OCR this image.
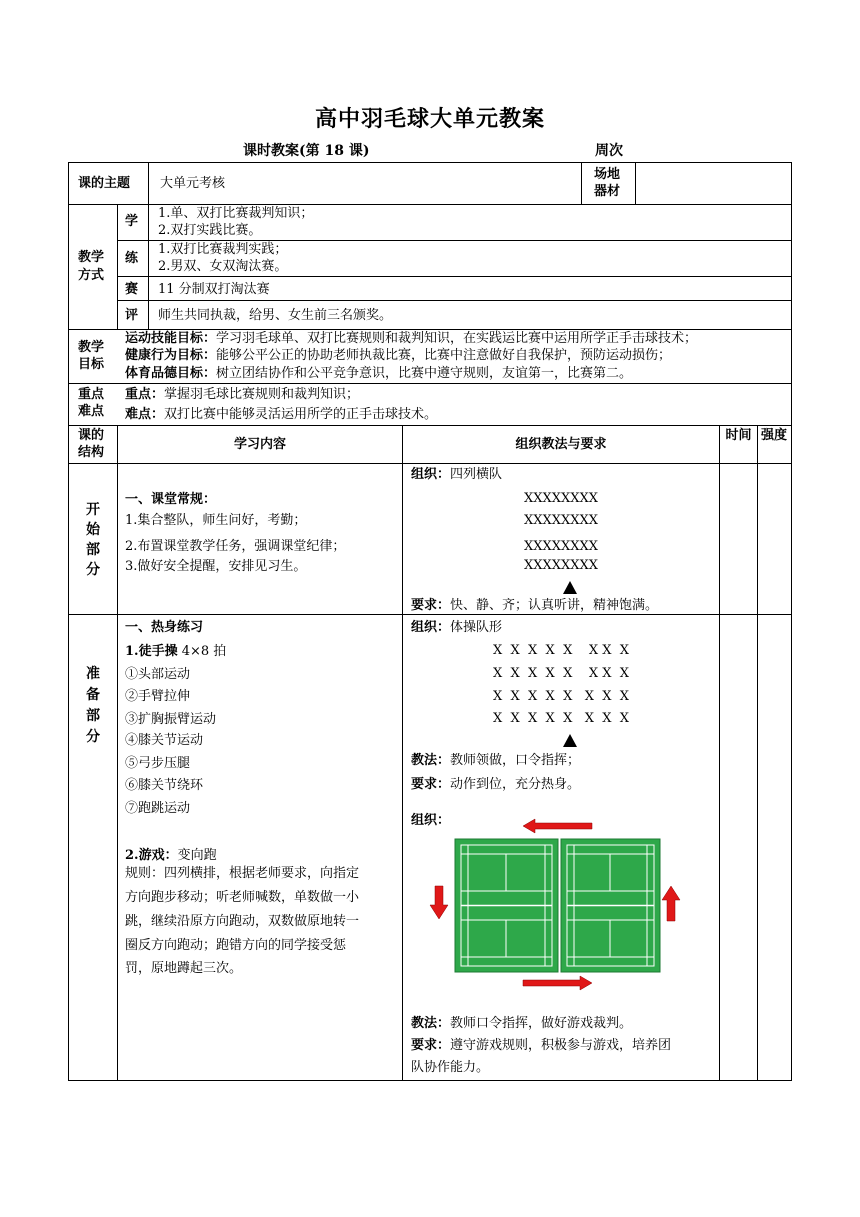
高中羽毛球大单元教案
课时教案(第 18 课)	周次
课的主题 大单元考核
场地器材
教学方式
学
1.单、双打比赛裁判知识；
2.双打实践比赛。
练
1.双打比赛裁判实践；
2.男双、女双淘汰赛。
赛 11 分制双打淘汰赛
评 师生共同执裁，给男、女生前三名颁奖。
教学目标
运动技能目标：学习羽毛球单、双打比赛规则和裁判知识，在实践运比赛中运用所学正手击球技术；
健康行为目标：能够公平公正的协助老师执裁比赛，比赛中注意做好自我保护，预防运动损伤；
体育品德目标：树立团结协作和公平竞争意识，比赛中遵守规则，友谊第一，比赛第二。
重点难点
重点：掌握羽毛球比赛规则和裁判知识；
难点：双打比赛中能够灵活运用所学的正手击球技术。
课的结构
学习内容	组织教法与要求
时间 强度
开始部分
一、课堂常规：
1.集合整队，师生问好，考勤；
2.布置课堂教学任务，强调课堂纪律；
3.做好安全提醒，安排见习生。
组织：四列横队
XXXXXXXX
XXXXXXXX
XXXXXXXX
XXXXXXXX
要求：快、静、齐；认真听讲，精神饱满。
准备部分
一、热身练习
1.徒手操 4×8 拍
①头部运动
②手臂拉伸
③扩胸振臂运动
④膝关节运动
⑤弓步压腿
⑥膝关节绕环
⑦跑跳运动
2.游戏：变向跑
规则：四列横排，根据老师要求，向指定
方向跑步移动；听老师喊数，单数做一小
跳，继续沿原方向跑动，双数做原地转一
圈反方向跑动；跑错方向的同学接受惩
罚，原地蹲起三次。
组织：体操队形
X  X  X  X  X    X X  X
X  X  X  X  X    X X  X
X  X  X  X  X   X  X  X
X  X  X  X  X   X  X  X
教法：教师领做，口令指挥；
要求：动作到位，充分热身。
组织：
教法：教师口令指挥，做好游戏裁判。
要求：遵守游戏规则，积极参与游戏，培养团
队协作能力。
